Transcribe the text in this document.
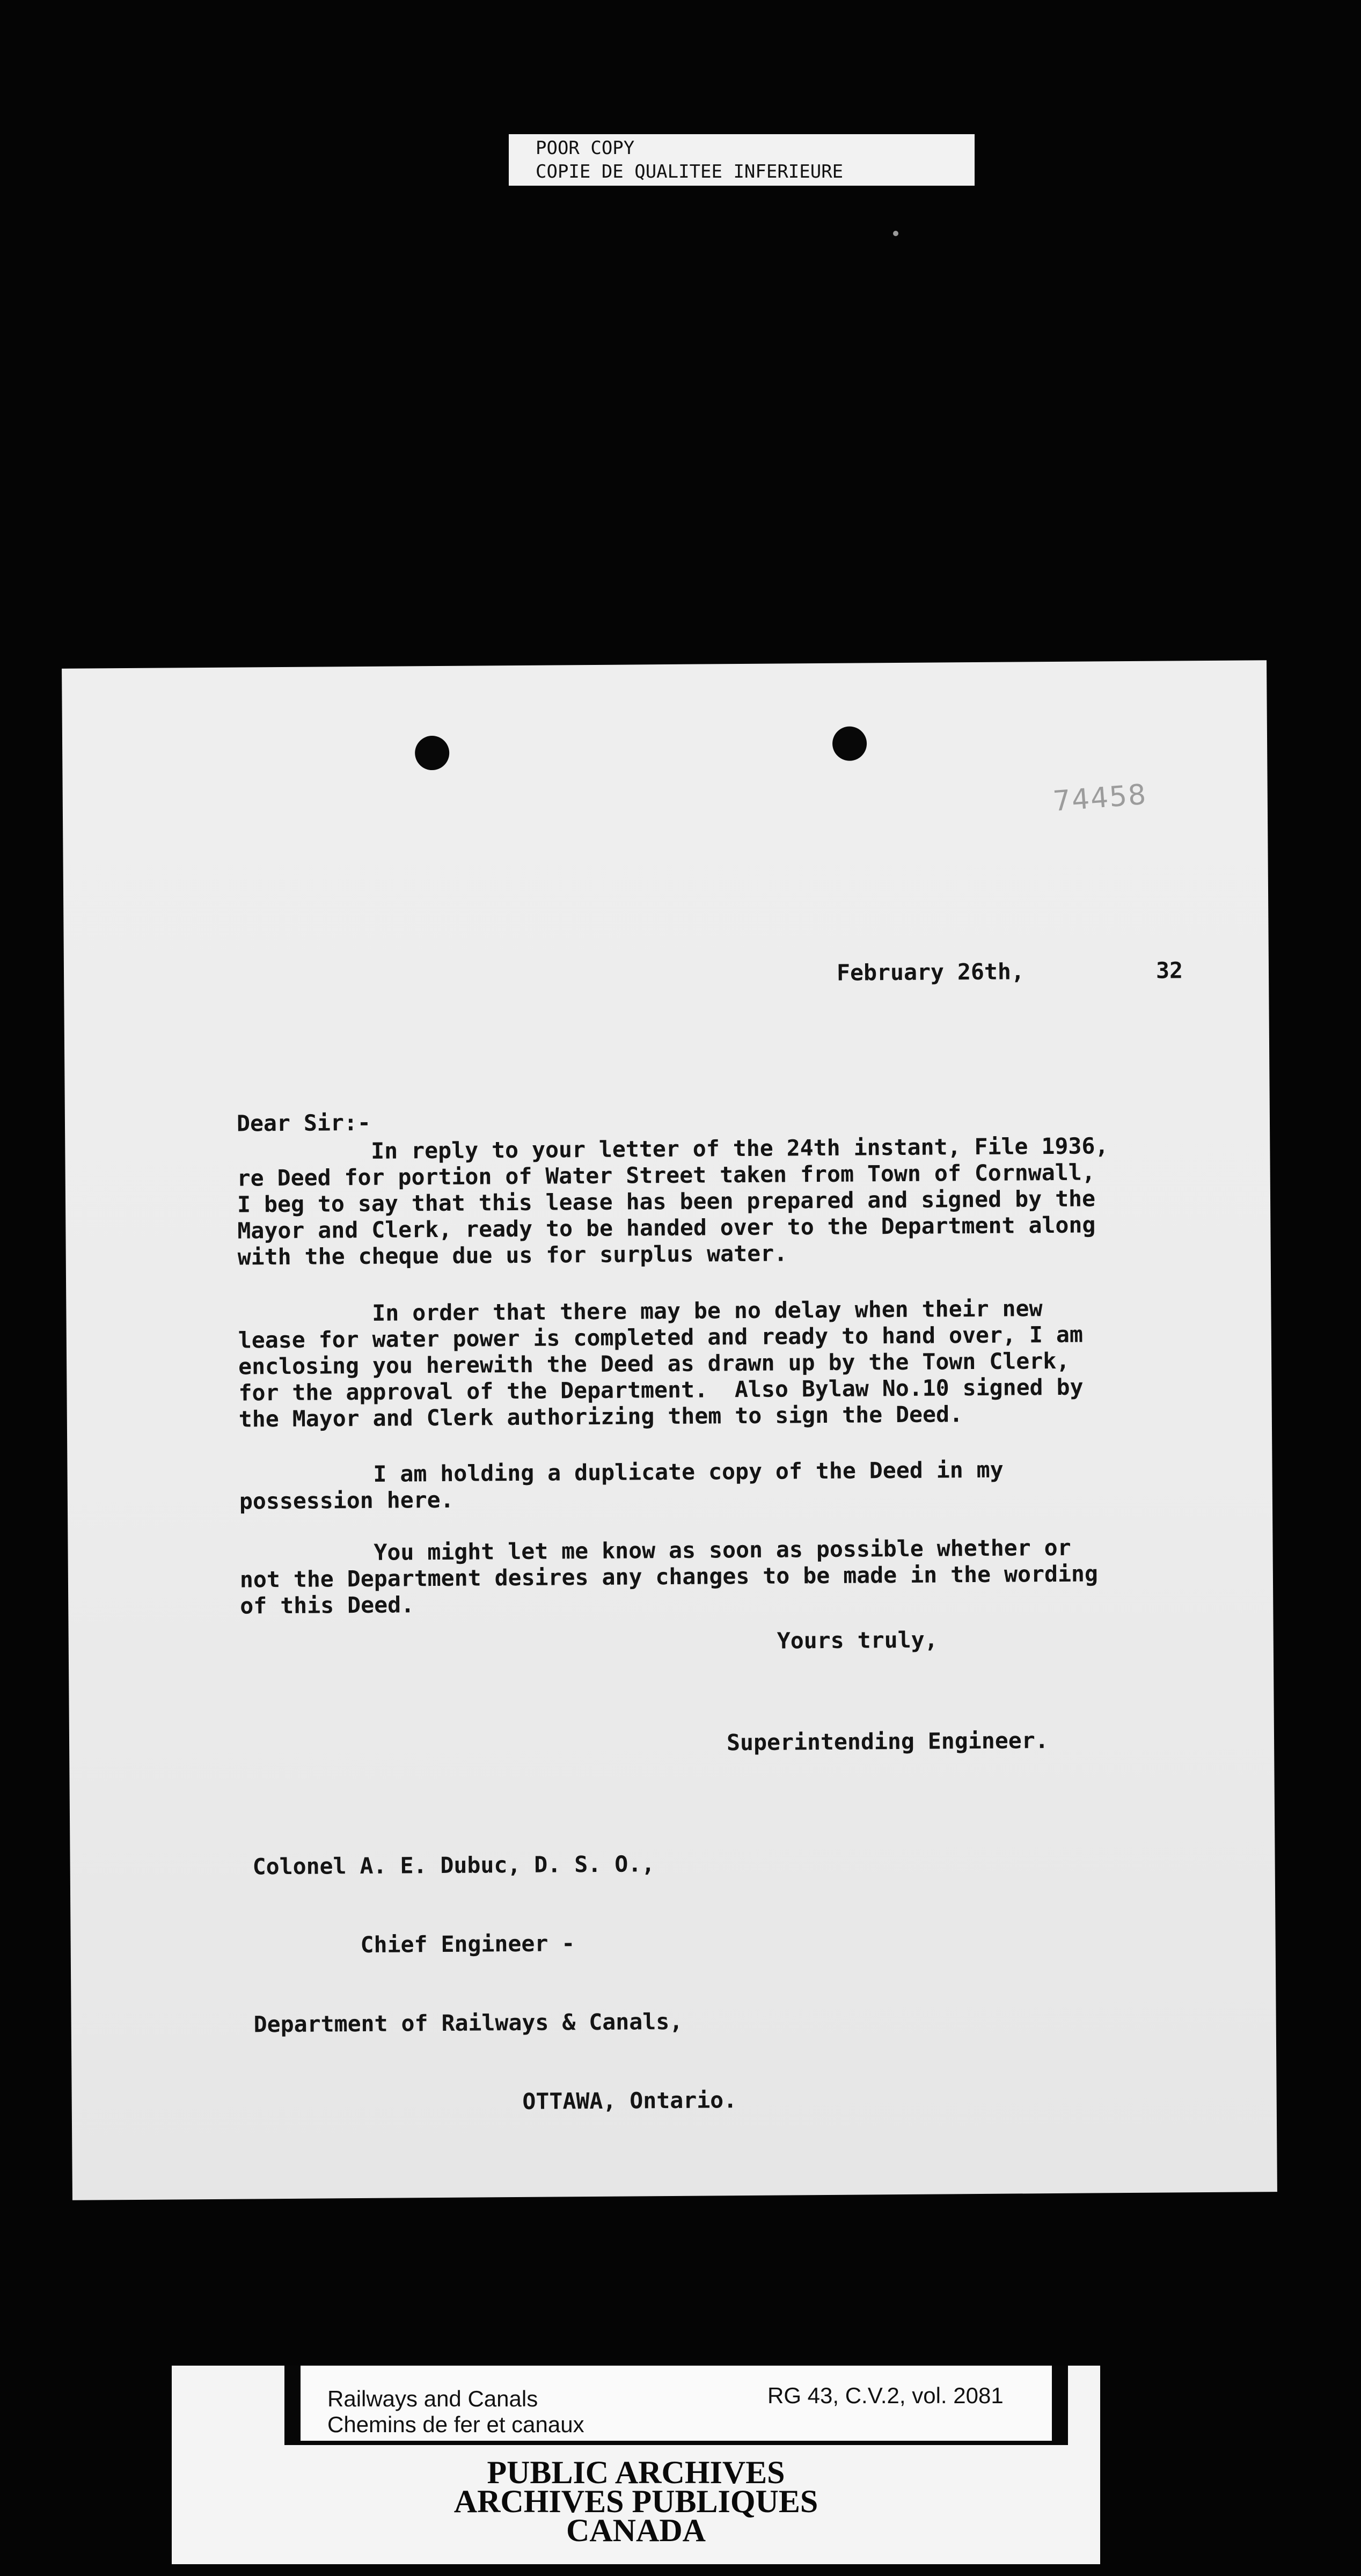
POOR COPY
COPIE DE QUALITEE INFERIEURE
74458
February 26th,	32
Dear Sir:-
In reply to your letter of the 24th instant, File 1936,
re Deed for portion of Water Street taken from Town of Cornwall,
I beg to say that this lease has been prepared and signed by the
Mayor and Clerk, ready to be handed over to the Department along
with the cheque due us for surplus water.
In order that there may be no delay when their new
lease for water power is completed and ready to hand over, I am
enclosing you herewith the Deed as drawn up by the Town Clerk,
for the approval of the Department.  Also Bylaw No.10 signed by
the Mayor and Clerk authorizing them to sign the Deed.
I am holding a duplicate copy of the Deed in my
possession here.
You might let me know as soon as possible whether or
not the Department desires any changes to be made in the wording
of this Deed.
Yours truly,
Superintending Engineer.

Colonel A. E. Dubuc, D. S. O.,

Chief Engineer -

Department of Railways & Canals,

OTTAWA, Ontario.

Railways and Canals
Chemins de fer et canaux
RG 43, C.V.2, vol. 2081
PUBLIC ARCHIVES
ARCHIVES PUBLIQUES
CANADA
